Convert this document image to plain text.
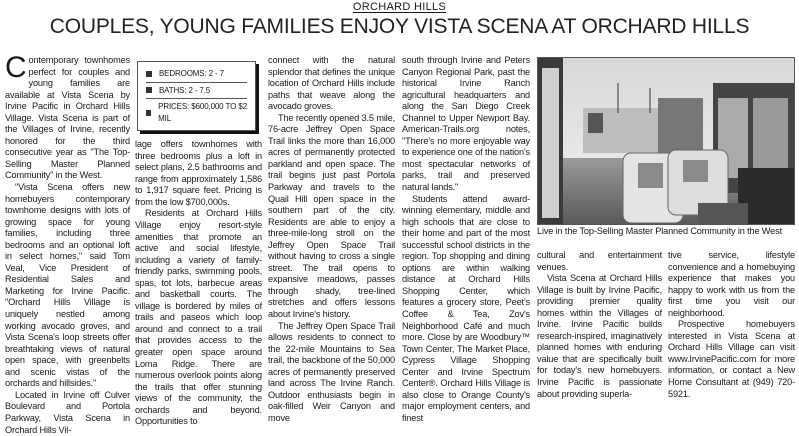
ORCHARD HILLS
COUPLES, YOUNG FAMILIES ENJOY VISTA SCENA AT ORCHARD HILLS

Contemporary townhomes perfect for couples and young families are available at Vista Scena by Irvine Pacific in Orchard Hills Village. Vista Scena is part of the Villages of Irvine, recently honored for the third consecutive year as "The Top-Selling Master Planned Community" in the West.

"Vista Scena offers new homebuyers contemporary townhome designs with lots of growing space for young families, including three bedrooms and an optional loft in select homes," said Tom Veal, Vice President of Residential Sales and Marketing for Irvine Pacific. "Orchard Hills Village is uniquely nestled among working avocado groves, and Vista Scena's loop streets offer breathtaking views of natural open space, with greenbelts and scenic vistas of the orchards and hillsides."

Located in Irvine off Culver Boulevard and Portola Parkway, Vista Scena in Orchard Hills Vil-

BEDROOMS: 2 - 7
BATHS: 2 - 7.5
PRICES: $600,000 TO $2 MIL

lage offers townhomes with three bedrooms plus a loft in select plans, 2.5 bathrooms and range from approximately 1,586 to 1,917 square feet. Pricing is from the low $700,000s.

Residents at Orchard Hills Village enjoy resort-style amenities that promote an active and social lifestyle, including a variety of family-friendly parks, swimming pools, spas, tot lots, barbecue areas and basketball courts. The village is bordered by miles of trails and paseos which loop around and connect to a trail that provides access to the greater open space around Loma Ridge. There are numerous overlook points along the trails that offer stunning views of the community, the orchards and beyond. Opportunities to

connect with the natural splendor that defines the unique location of Orchard Hills include paths that weave along the avocado groves.

The recently opened 3.5 mile, 76-acre Jeffrey Open Space Trail links the more than 16,000 acres of permanently protected parkland and open space. The trail begins just past Portola Parkway and travels to the Quail Hill open space in the southern part of the city. Residents are able to enjoy a three-mile-long stroll on the Jeffrey Open Space Trail without having to cross a single street. The trail opens to expansive meadows, passes through shady, tree-lined stretches and offers lessons about Irvine's history.

The Jeffrey Open Space Trail allows residents to connect to the 22-mile Mountains to Sea trail, the backbone of the 50,000 acres of permanently preserved land across The Irvine Ranch. Outdoor enthusiasts begin in oak-filled Weir Canyon and move

south through Irvine and Peters Canyon Regional Park, past the historical Irvine Ranch agricultural headquarters and along the San Diego Creek Channel to Upper Newport Bay. American-Trails.org notes, "There's no more enjoyable way to experience one of the nation's most spectacular networks of parks, trail and preserved natural lands."

Students attend award-winning elementary, middle and high schools that are close to their home and part of the most successful school districts in the region. Top shopping and dining options are within walking distance at Orchard Hills Shopping Center, which features a grocery store, Peet's Coffee & Tea, Zov's Neighborhood Café and much more. Close by are Woodbury™ Town Center, The Market Place, Cypress Village Shopping Center and Irvine Spectrum Center®. Orchard Hills Village is also close to Orange County's major employment centers, and finest

Live in the Top-Selling Master Planned Community in the West

cultural and entertainment venues.

Vista Scena at Orchard Hills Village is built by Irvine Pacific, providing premier quality homes within the Villages of Irvine. Irvine Pacific builds research-inspired, imaginatively planned homes with enduring value that are specifically built for today's new homebuyers. Irvine Pacific is passionate about providing superla-

tive service, lifestyle convenience and a homebuying experience that makes you happy to work with us from the first time you visit our neighborhood.

Prospective homebuyers interested in Vista Scena at Orchard Hills Village can visit www.IrvinePacific.com for more information, or contact a New Home Consultant at (949) 720-5921.
